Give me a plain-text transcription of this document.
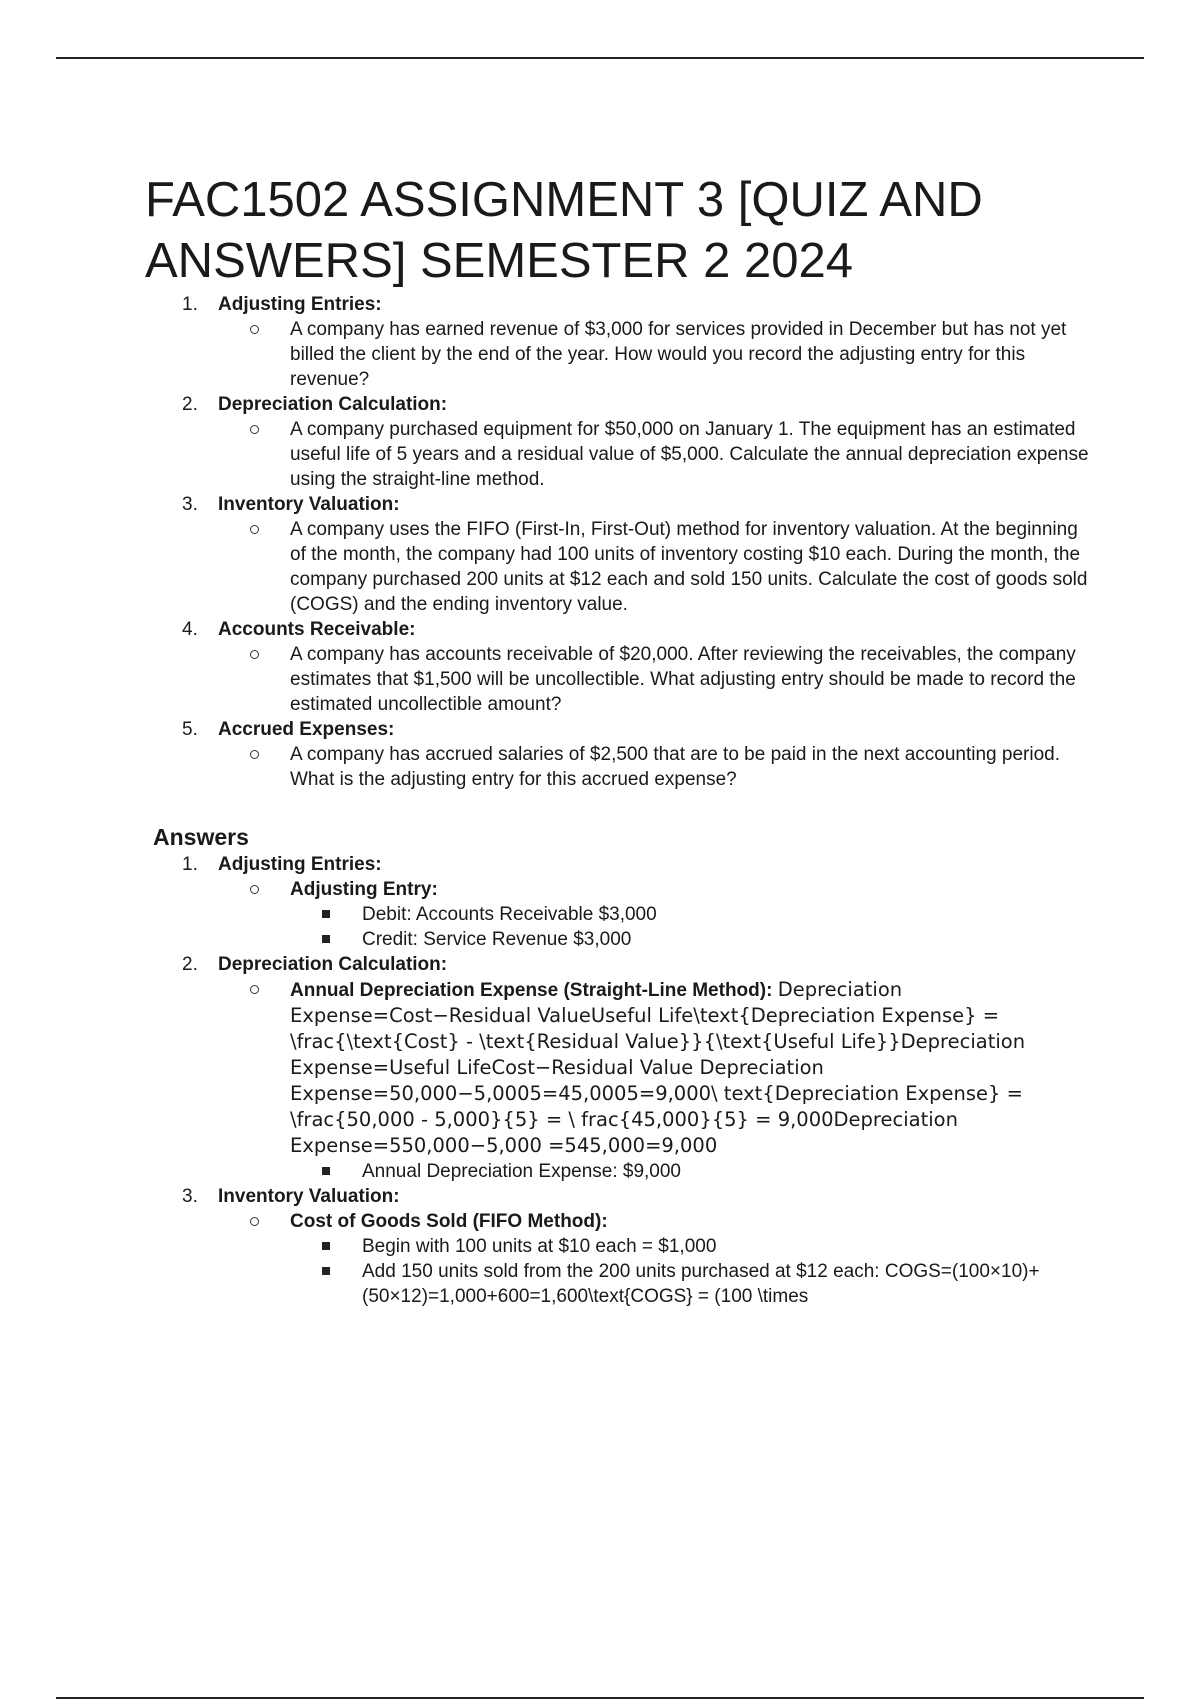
FAC1502 ASSIGNMENT 3 [QUIZ AND ANSWERS] SEMESTER 2 2024
1. Adjusting Entries:
A company has earned revenue of $3,000 for services provided in December but has not yet billed the client by the end of the year. How would you record the adjusting entry for this revenue?
2. Depreciation Calculation:
A company purchased equipment for $50,000 on January 1. The equipment has an estimated useful life of 5 years and a residual value of $5,000. Calculate the annual depreciation expense using the straight-line method.
3. Inventory Valuation:
A company uses the FIFO (First-In, First-Out) method for inventory valuation. At the beginning of the month, the company had 100 units of inventory costing $10 each. During the month, the company purchased 200 units at $12 each and sold 150 units. Calculate the cost of goods sold (COGS) and the ending inventory value.
4. Accounts Receivable:
A company has accounts receivable of $20,000. After reviewing the receivables, the company estimates that $1,500 will be uncollectible. What adjusting entry should be made to record the estimated uncollectible amount?
5. Accrued Expenses:
A company has accrued salaries of $2,500 that are to be paid in the next accounting period. What is the adjusting entry for this accrued expense?
Answers
1. Adjusting Entries:
Adjusting Entry:
Debit: Accounts Receivable $3,000
Credit: Service Revenue $3,000
2. Depreciation Calculation:
Annual Depreciation Expense (Straight-Line Method): Depreciation Expense=Cost−Residual ValueUseful Life\text{Depreciation Expense} = \frac{\text{Cost} - \text{Residual Value}}{\text{Useful Life}}Depreciation Expense=Useful LifeCost−Residual Value Depreciation Expense=50,000−5,0005=45,0005=9,000\ text{Depreciation Expense} = \frac{50,000 - 5,000}{5} = \ frac{45,000}{5} = 9,000Depreciation Expense=550,000−5,000 =545,000=9,000
Annual Depreciation Expense: $9,000
3. Inventory Valuation:
Cost of Goods Sold (FIFO Method):
Begin with 100 units at $10 each = $1,000
Add 150 units sold from the 200 units purchased at $12 each: COGS=(100×10)+(50×12)=1,000+600=1,600\text{COGS} = (100 \times
